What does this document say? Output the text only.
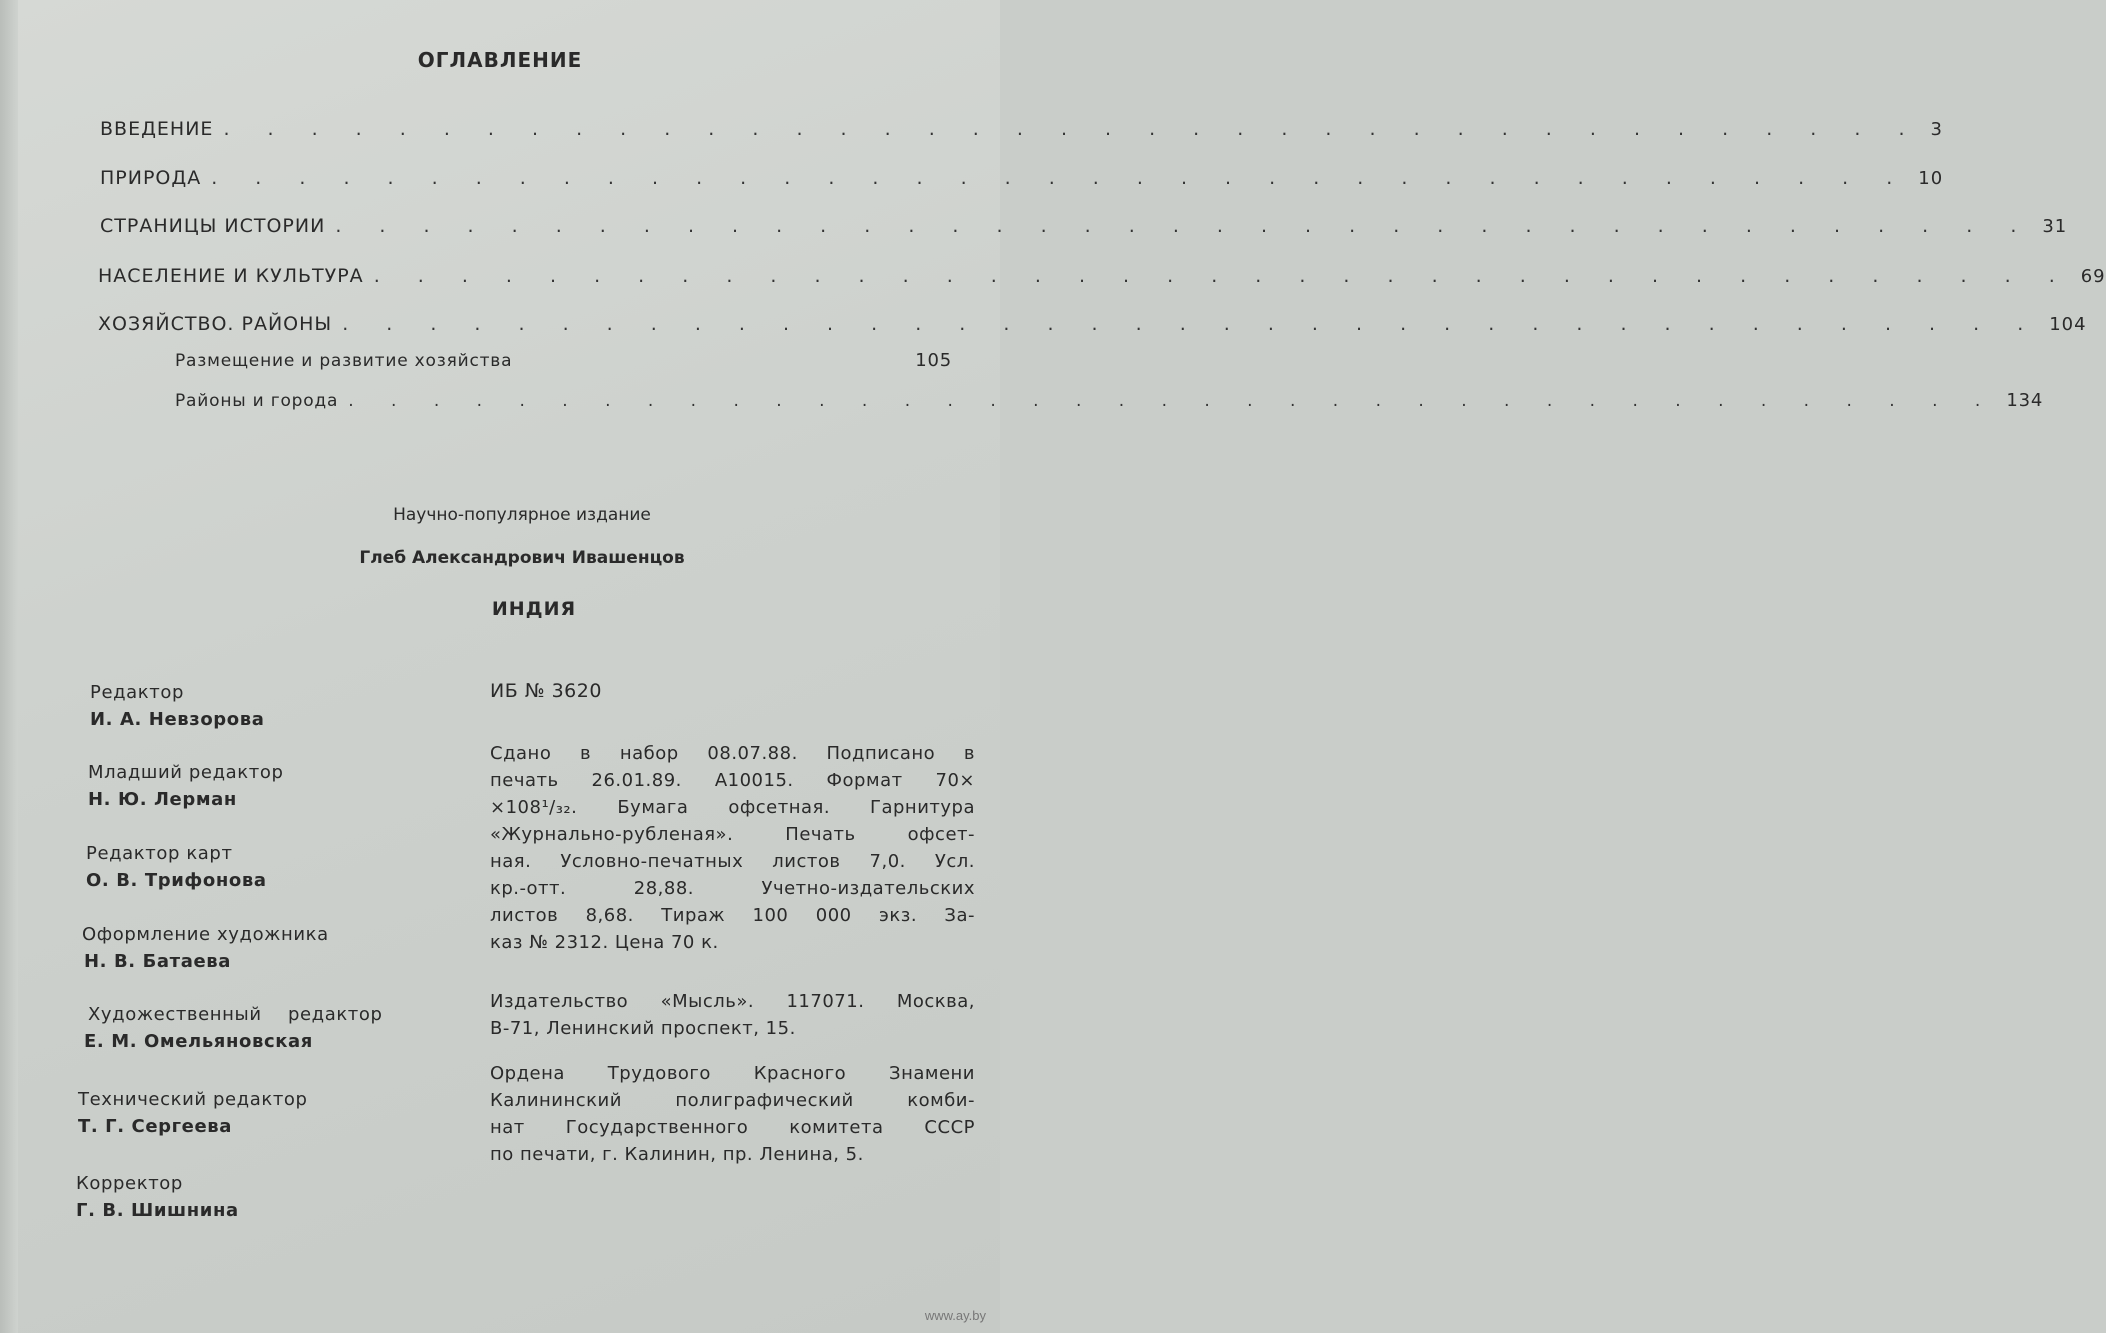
ОГЛАВЛЕНИЕ
ВВЕДЕНИЕ . . . . . . . . . . . . . . . . . . . . . . . . . . . . . . . . . . . . . . . 3
ПРИРОДА . . . . . . . . . . . . . . . . . . . . . . . . . . . . . . . . . . . . . . . 10
СТРАНИЦЫ ИСТОРИИ . . . . . . . . . . . . . . . . . . . . . . . . . . . . . . . . . . . . . . . 31
НАСЕЛЕНИЕ И КУЛЬТУРА . . . . . . . . . . . . . . . . . . . . . . . . . . . . . . . . . . . . . . . 69
ХОЗЯЙСТВО. РАЙОНЫ . . . . . . . . . . . . . . . . . . . . . . . . . . . . . . . . . . . . . . . 104
Размещение и развитие хозяйства	105
Районы и города . . . . . . . . . . . . . . . . . . . . . . . . . . . . . . . . . . . . . . . 134
Научно-популярное издание
Глеб Александрович Ивашенцов
ИНДИЯ
Редактор
И. А. Невзорова
Младший редактор
Н. Ю. Лерман
Редактор карт
О. В. Трифонова
Оформление художника
Н. В. Батаева
Художественный редактор
Е. М. Омельяновская
Технический редактор
Т. Г. Сергеева
Корректор
Г. В. Шишнина
ИБ № 3620
Сдано в набор 08.07.88. Подписано в
печать 26.01.89. А10015. Формат 70×
×108¹/₃₂. Бумага офсетная. Гарнитура
«Журнально-рубленая». Печать офсет-
ная. Условно-печатных листов 7,0. Усл.
кр.-отт. 28,88. Учетно-издательских
листов 8,68. Тираж 100 000 экз. За-
каз № 2312. Цена 70 к.
Издательство «Мысль». 117071. Москва,
В-71, Ленинский проспект, 15.
Ордена Трудового Красного Знамени
Калининский полиграфический комби-
нат Государственного комитета СССР
по печати, г. Калинин, пр. Ленина, 5.
www.ay.by
